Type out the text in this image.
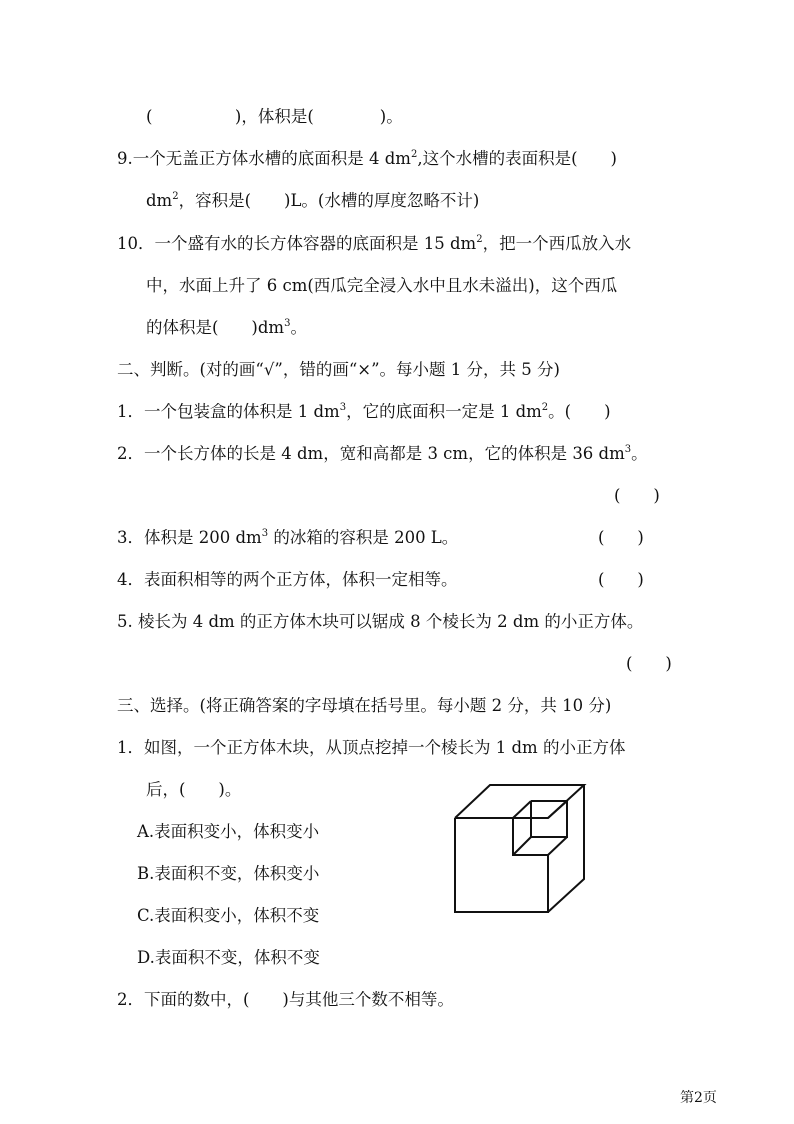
(　　　　　)，体积是(　　　　)。
9.一个无盖正方体水槽的底面积是 4 $dm^2$,这个水槽的表面积是(　　)
$dm^2$，容积是(　　)L。(水槽的厚度忽略不计)
10．一个盛有水的长方体容器的底面积是 15 $dm^2$，把一个西瓜放入水
中，水面上升了 6 cm(西瓜完全浸入水中且水未溢出)，这个西瓜
的体积是(　　)$dm^3$。
二、判断。(对的画“√”，错的画“×”。每小题 1 分，共 5 分)
1．一个包装盒的体积是 1 $dm^3$，它的底面积一定是 1 $dm^2$。(　　)
2．一个长方体的长是 4 dm，宽和高都是 3 cm，它的体积是 36 $dm^3$。
(　　)
3．体积是 200 $dm^3$ 的冰箱的容积是 200 L。	(　　)
4．表面积相等的两个正方体，体积一定相等。	(　　)
5. 棱长为 4 dm 的正方体木块可以锯成 8 个棱长为 2 dm 的小正方体。
(　　)
三、选择。(将正确答案的字母填在括号里。每小题 2 分，共 10 分)
1．如图，一个正方体木块，从顶点挖掉一个棱长为 1 dm 的小正方体
后，(　　)。
A.表面积变小，体积变小
B.表面积不变，体积变小
C.表面积变小，体积不变
D.表面积不变，体积不变
2．下面的数中，(　　)与其他三个数不相等。
第2页
